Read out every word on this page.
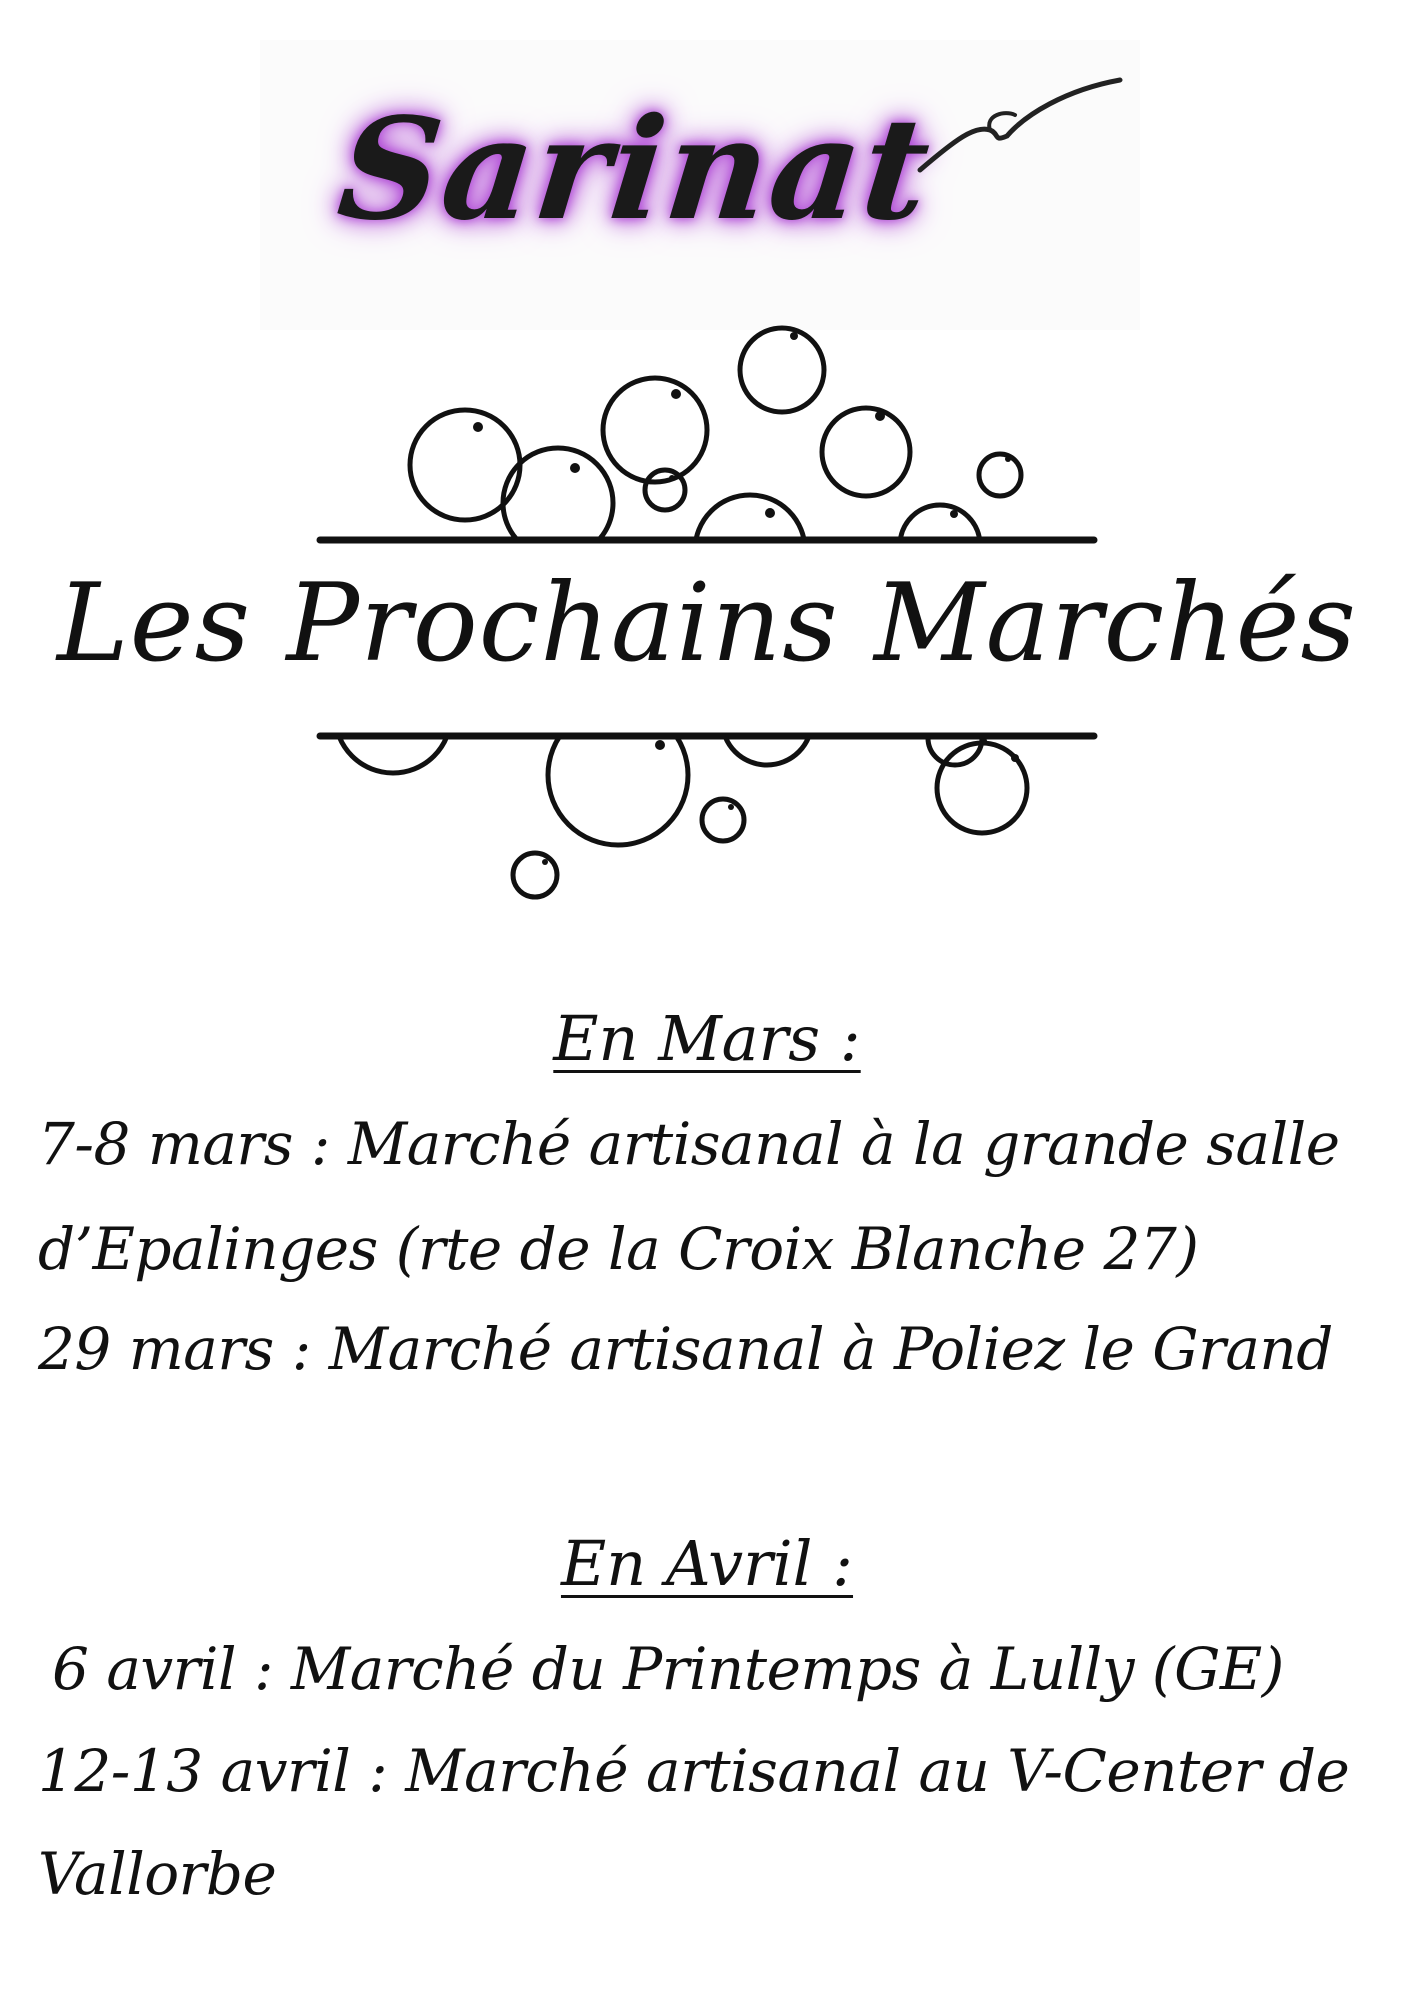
Sarinat
Les Prochains Marchés
En Mars :
7-8 mars : Marché artisanal à la grande salle
d’Epalinges (rte de la Croix Blanche 27)
29 mars : Marché artisanal à Poliez le Grand
En Avril :
6 avril : Marché du Printemps à Lully (GE)
12-13 avril : Marché artisanal au V-Center de
Vallorbe
